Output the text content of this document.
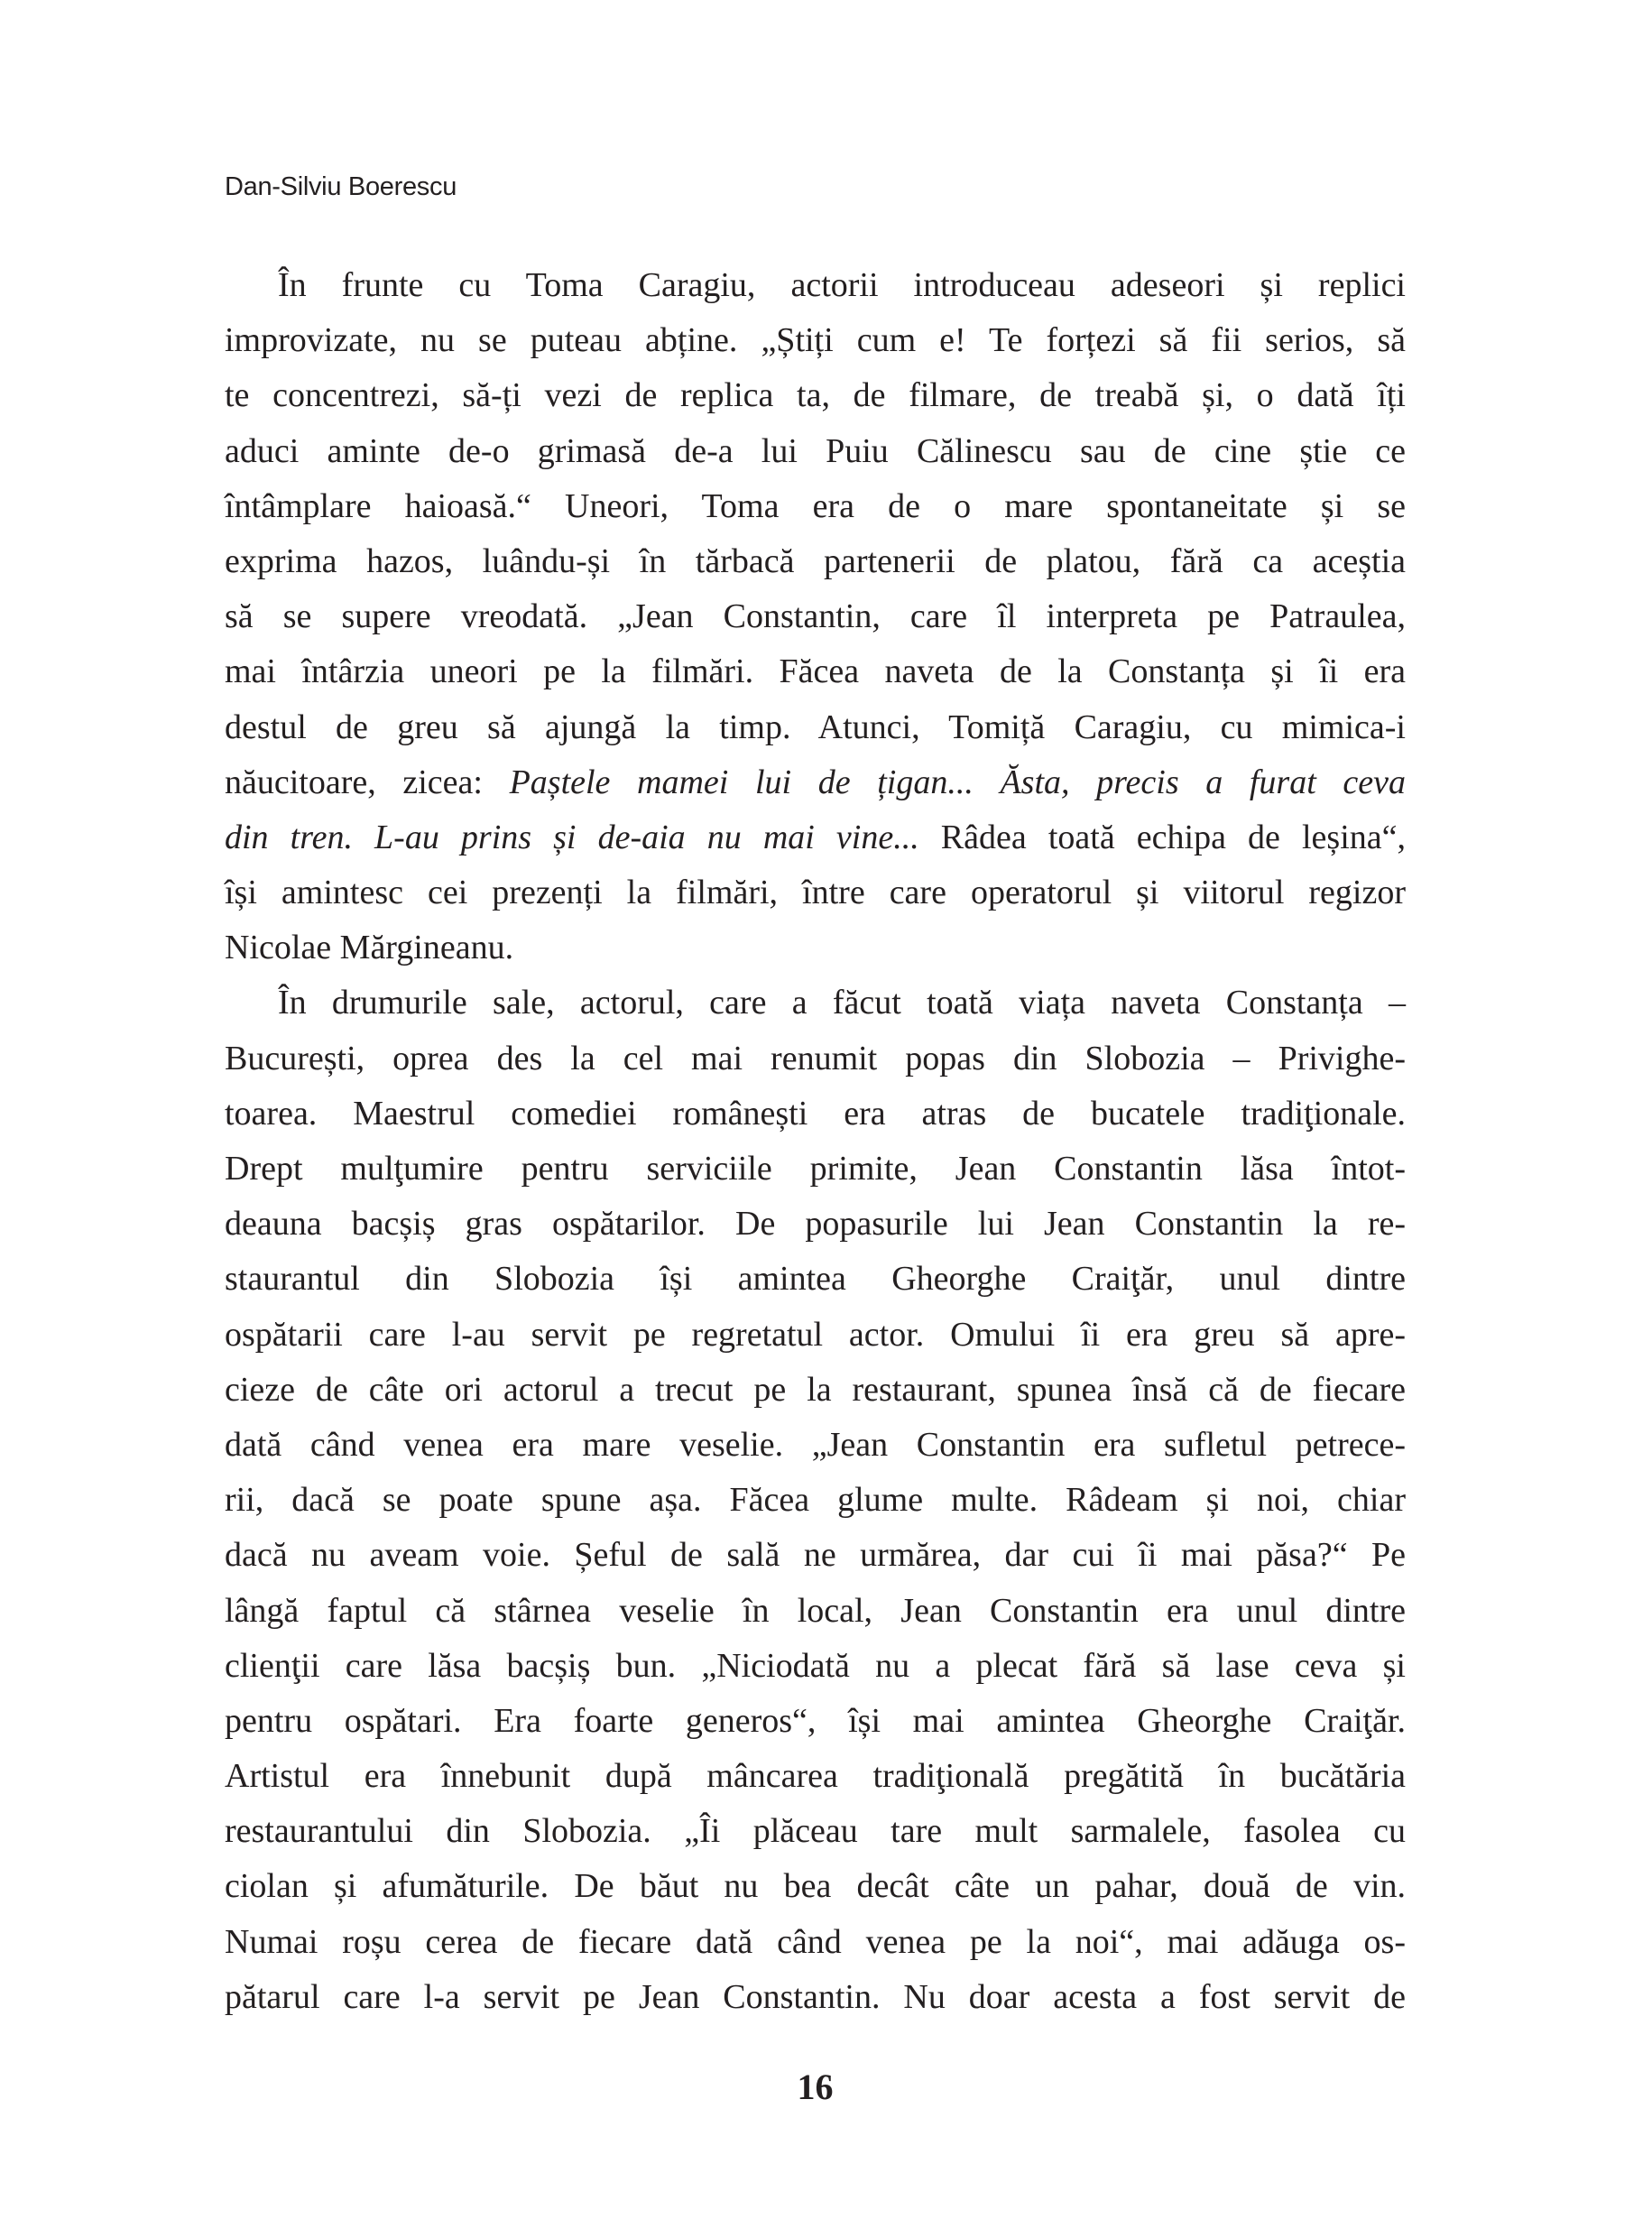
Dan-Silviu Boerescu
În frunte cu Toma Caragiu, actorii introduceau adeseori și replici
improvizate, nu se puteau abține. „Știți cum e! Te forțezi să fii serios, să
te concentrezi, să-ți vezi de replica ta, de filmare, de treabă și, o dată îți
aduci aminte de-o grimasă de-a lui Puiu Călinescu sau de cine știe ce
întâmplare haioasă.“ Uneori, Toma era de o mare spontaneitate și se
exprima hazos, luându-și în tărbacă partenerii de platou, fără ca aceștia
să se supere vreodată. „Jean Constantin, care îl interpreta pe Patraulea,
mai întârzia uneori pe la filmări. Făcea naveta de la Constanța și îi era
destul de greu să ajungă la timp. Atunci, Tomiță Caragiu, cu mimica-i
năucitoare, zicea: Paștele mamei lui de țigan... Ăsta, precis a furat ceva
din tren. L-au prins și de-aia nu mai vine... Râdea toată echipa de leșina“,
își amintesc cei prezenți la filmări, între care operatorul și viitorul regizor
Nicolae Mărgineanu.
În drumurile sale, actorul, care a făcut toată viața naveta Constanța –
București, oprea des la cel mai renumit popas din Slobozia – Privighe-
toarea. Maestrul comediei românești era atras de bucatele tradiţionale.
Drept mulţumire pentru serviciile primite, Jean Constantin lăsa întot-
deauna bacșiș gras ospătarilor. De popasurile lui Jean Constantin la re-
staurantul din Slobozia își amintea Gheorghe Craiţăr, unul dintre
ospătarii care l-au servit pe regretatul actor. Omului îi era greu să apre-
cieze de câte ori actorul a trecut pe la restaurant, spunea însă că de fiecare
dată când venea era mare veselie. „Jean Constantin era sufletul petrece-
rii, dacă se poate spune așa. Făcea glume multe. Râdeam și noi, chiar
dacă nu aveam voie. Șeful de sală ne urmărea, dar cui îi mai păsa?“ Pe
lângă faptul că stârnea veselie în local, Jean Constantin era unul dintre
clienţii care lăsa bacșiș bun. „Niciodată nu a plecat fără să lase ceva și
pentru ospătari. Era foarte generos“, își mai amintea Gheorghe Craiţăr.
Artistul era înnebunit după mâncarea tradiţională pregătită în bucătăria
restaurantului din Slobozia. „Îi plăceau tare mult sarmalele, fasolea cu
ciolan și afumăturile. De băut nu bea decât câte un pahar, două de vin.
Numai roșu cerea de fiecare dată când venea pe la noi“, mai adăuga os-
pătarul care l-a servit pe Jean Constantin. Nu doar acesta a fost servit de
16
